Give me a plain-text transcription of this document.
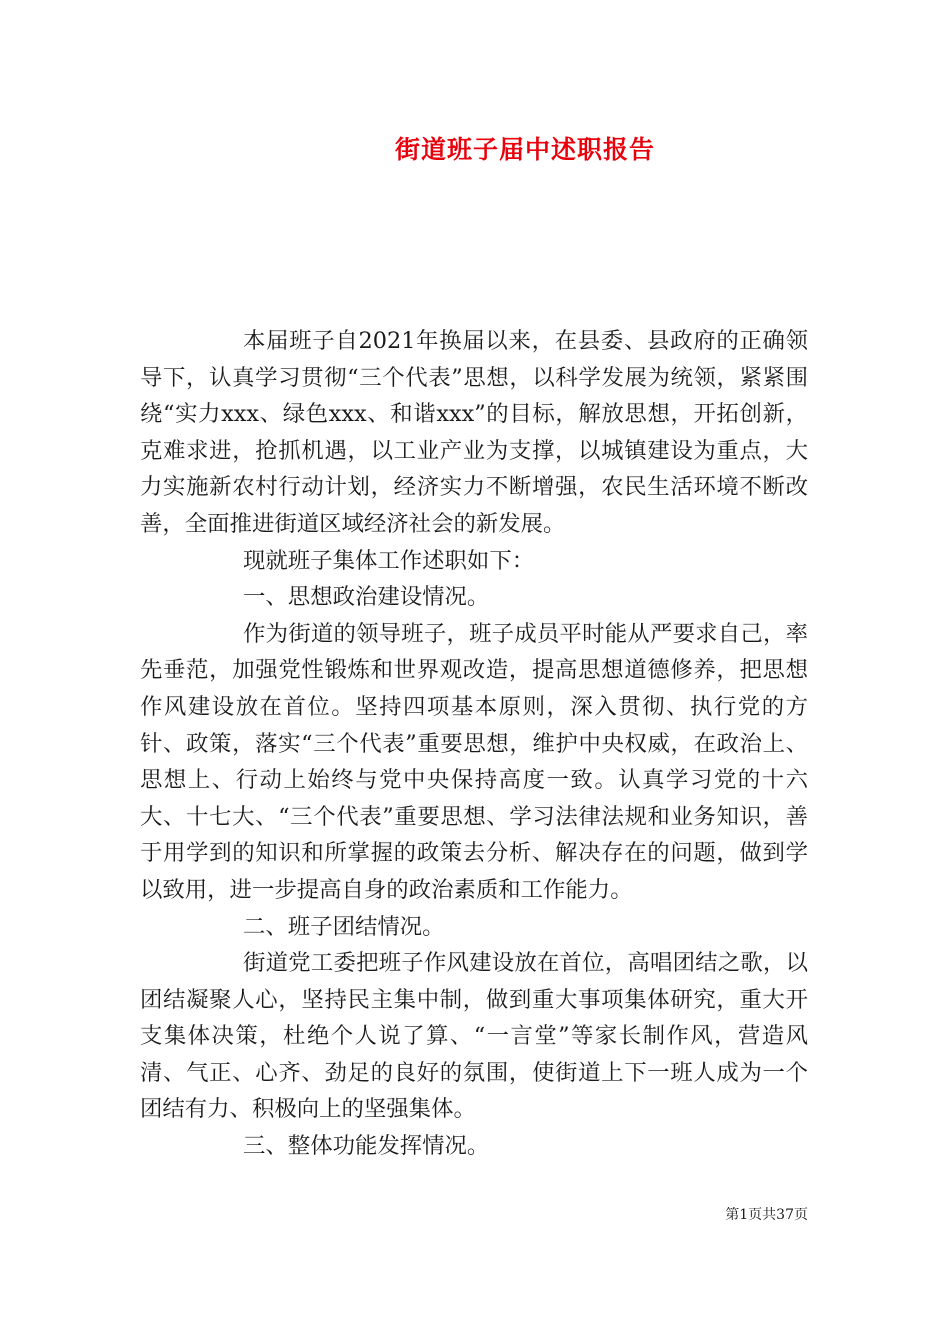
街道班子届中述职报告

本届班子自2021年换届以来，在县委、县政府的正确领导下，认真学习贯彻“三个代表”思想，以科学发展为统领，紧紧围绕“实力xxx、绿色xxx、和谐xxx”的目标，解放思想，开拓创新，克难求进，抢抓机遇，以工业产业为支撑，以城镇建设为重点，大力实施新农村行动计划，经济实力不断增强，农民生活环境不断改善，全面推进街道区域经济社会的新发展。

现就班子集体工作述职如下：

一、思想政治建设情况。

作为街道的领导班子，班子成员平时能从严要求自己，率先垂范，加强党性锻炼和世界观改造，提高思想道德修养，把思想作风建设放在首位。坚持四项基本原则，深入贯彻、执行党的方针、政策，落实“三个代表”重要思想，维护中央权威，在政治上、思想上、行动上始终与党中央保持高度一致。认真学习党的十六大、十七大、“三个代表”重要思想、学习法律法规和业务知识，善于用学到的知识和所掌握的政策去分析、解决存在的问题，做到学以致用，进一步提高自身的政治素质和工作能力。

二、班子团结情况。

街道党工委把班子作风建设放在首位，高唱团结之歌，以团结凝聚人心，坚持民主集中制，做到重大事项集体研究，重大开支集体决策，杜绝个人说了算、“一言堂”等家长制作风，营造风清、气正、心齐、劲足的良好的氛围，使街道上下一班人成为一个团结有力、积极向上的坚强集体。

三、整体功能发挥情况。

第1页共37页
